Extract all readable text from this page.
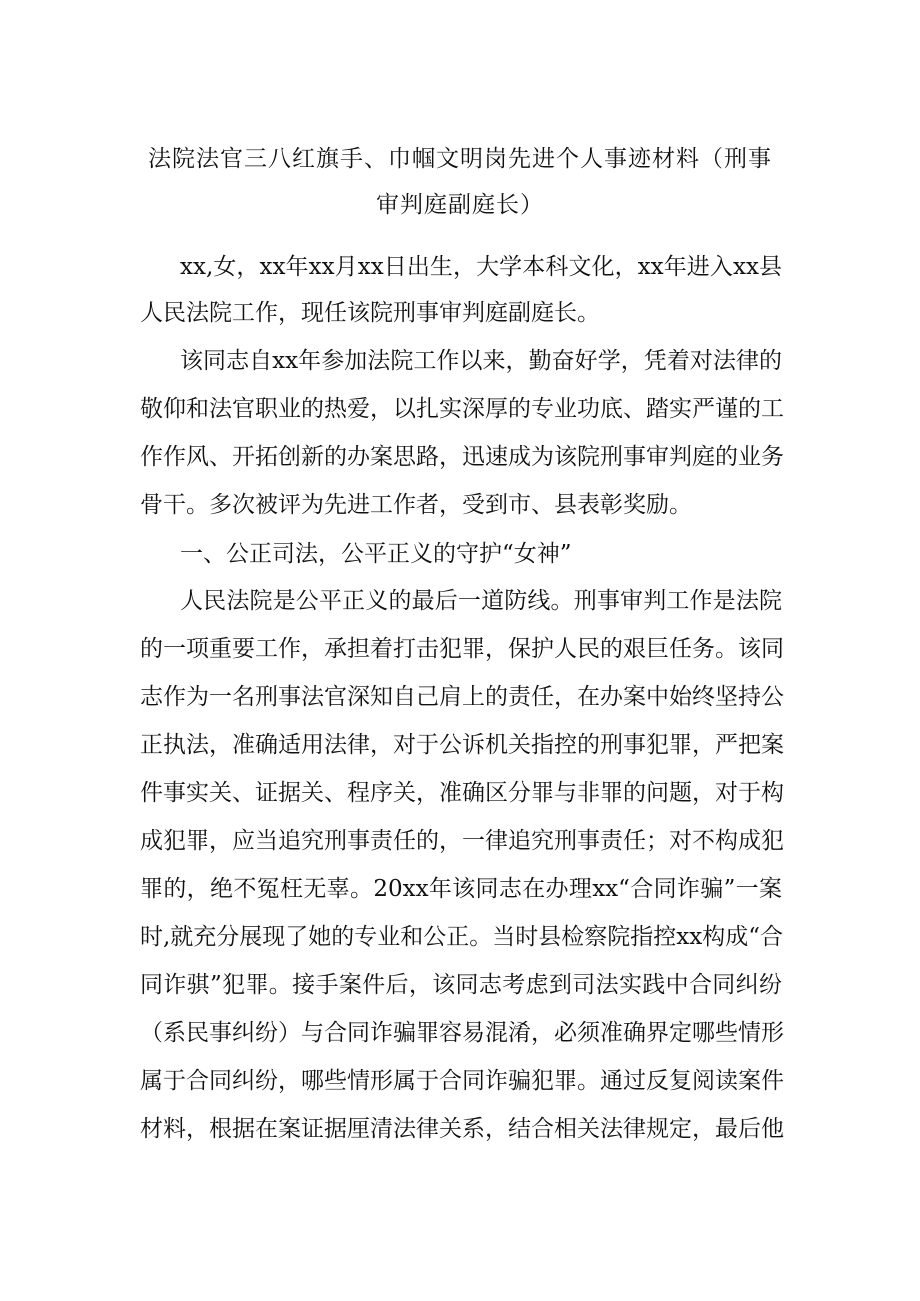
法院法官三八红旗手、巾帼文明岗先进个人事迹材料（刑事
审判庭副庭长）
xx,女，xx年xx月xx日出生，大学本科文化，xx年进入xx县
人民法院工作，现任该院刑事审判庭副庭长。
该同志自xx年参加法院工作以来，勤奋好学，凭着对法律的
敬仰和法官职业的热爱，以扎实深厚的专业功底、踏实严谨的工
作作风、开拓创新的办案思路，迅速成为该院刑事审判庭的业务
骨干。多次被评为先进工作者，受到市、县表彰奖励。
一、公正司法，公平正义的守护“女神”
人民法院是公平正义的最后一道防线。刑事审判工作是法院
的一项重要工作，承担着打击犯罪，保护人民的艰巨任务。该同
志作为一名刑事法官深知自己肩上的责任，在办案中始终坚持公
正执法，准确适用法律，对于公诉机关指控的刑事犯罪，严把案
件事实关、证据关、程序关，准确区分罪与非罪的问题，对于构
成犯罪，应当追究刑事责任的，一律追究刑事责任；对不构成犯
罪的，绝不冤枉无辜。20xx年该同志在办理xx“合同诈骗”一案
时,就充分展现了她的专业和公正。当时县检察院指控xx构成“合
同诈骐”犯罪。接手案件后，该同志考虑到司法实践中合同纠纷
（系民事纠纷）与合同诈骗罪容易混淆，必须准确界定哪些情形
属于合同纠纷，哪些情形属于合同诈骗犯罪。通过反复阅读案件
材料，根据在案证据厘清法律关系，结合相关法律规定，最后他
